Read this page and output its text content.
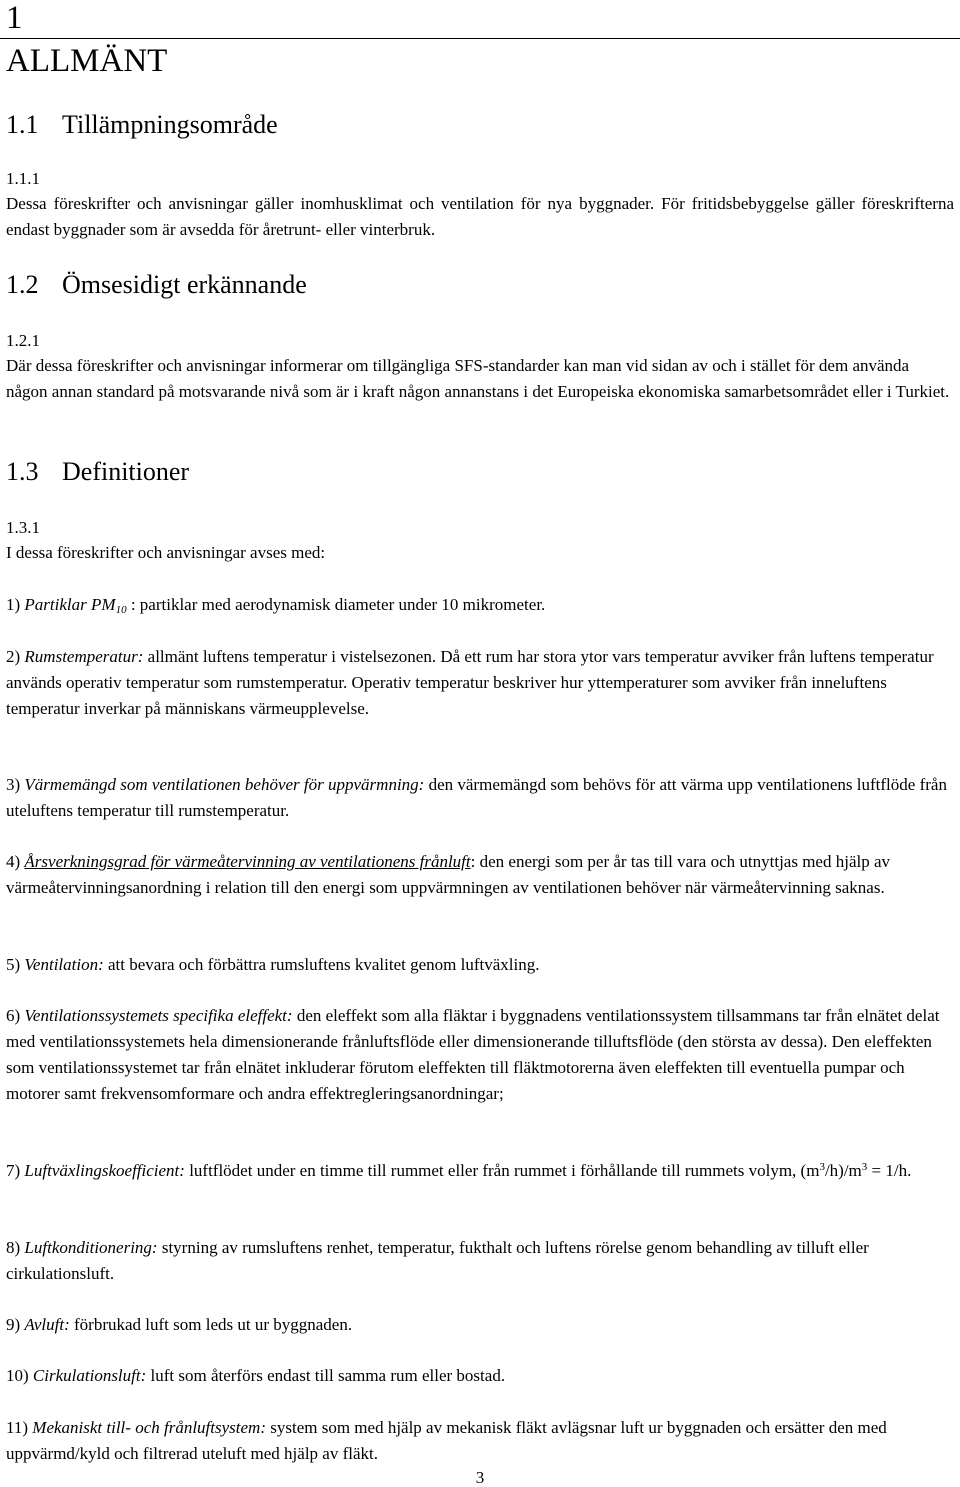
1
ALLMÄNT
1.1 Tillämpningsområde
1.1.1
Dessa föreskrifter och anvisningar gäller inomhusklimat och ventilation för nya byggnader. För fritidsbebyggelse gäller föreskrifterna endast byggnader som är avsedda för åretrunt- eller vinterbruk.
1.2 Ömsesidigt erkännande
1.2.1
Där dessa föreskrifter och anvisningar informerar om tillgängliga SFS-standarder kan man vid sidan av och i stället för dem använda någon annan standard på motsvarande nivå som är i kraft någon annanstans i det Europeiska ekonomiska samarbetsområdet eller i Turkiet.
1.3 Definitioner
1.3.1
I dessa föreskrifter och anvisningar avses med:
1) Partiklar $PM_{10}$ : partiklar med aerodynamisk diameter under 10 mikrometer.
2) Rumstemperatur: allmänt luftens temperatur i vistelsezonen. Då ett rum har stora ytor vars temperatur avviker från luftens temperatur används operativ temperatur som rumstemperatur. Operativ temperatur beskriver hur yttemperaturer som avviker från inneluftens temperatur inverkar på människans värmeupplevelse.
3) Värmemängd som ventilationen behöver för uppvärmning: den värmemängd som behövs för att värma upp ventilationens luftflöde från uteluftens temperatur till rumstemperatur.
4) Årsverkningsgrad för värmeåtervinning av ventilationens frånluft: den energi som per år tas till vara och utnyttjas med hjälp av värmeåtervinningsanordning i relation till den energi som uppvärmningen av ventilationen behöver när värmeåtervinning saknas.
5) Ventilation: att bevara och förbättra rumsluftens kvalitet genom luftväxling.
6) Ventilationssystemets specifika eleffekt: den eleffekt som alla fläktar i byggnadens ventilationssystem tillsammans tar från elnätet delat med ventilationssystemets hela dimensionerande frånluftsflöde eller dimensionerande tilluftsflöde (den största av dessa). Den eleffekten som ventilationssystemet tar från elnätet inkluderar förutom eleffekten till fläktmotorerna även eleffekten till eventuella pumpar och motorer samt frekvensomformare och andra effektregleringsanordningar;
7) Luftväxlingskoefficient: luftflödet under en timme till rummet eller från rummet i förhållande till rummets volym, $(m^3/h)/m^3 = 1/h$.
8) Luftkonditionering: styrning av rumsluftens renhet, temperatur, fukthalt och luftens rörelse genom behandling av tilluft eller cirkulationsluft.
9) Avluft: förbrukad luft som leds ut ur byggnaden.
10) Cirkulationsluft: luft som återförs endast till samma rum eller bostad.
11) Mekaniskt till- och frånluftsystem: system som med hjälp av mekanisk fläkt avlägsnar luft ur byggnaden och ersätter den med uppvärmd/kyld och filtrerad uteluft med hjälp av fläkt.
3
